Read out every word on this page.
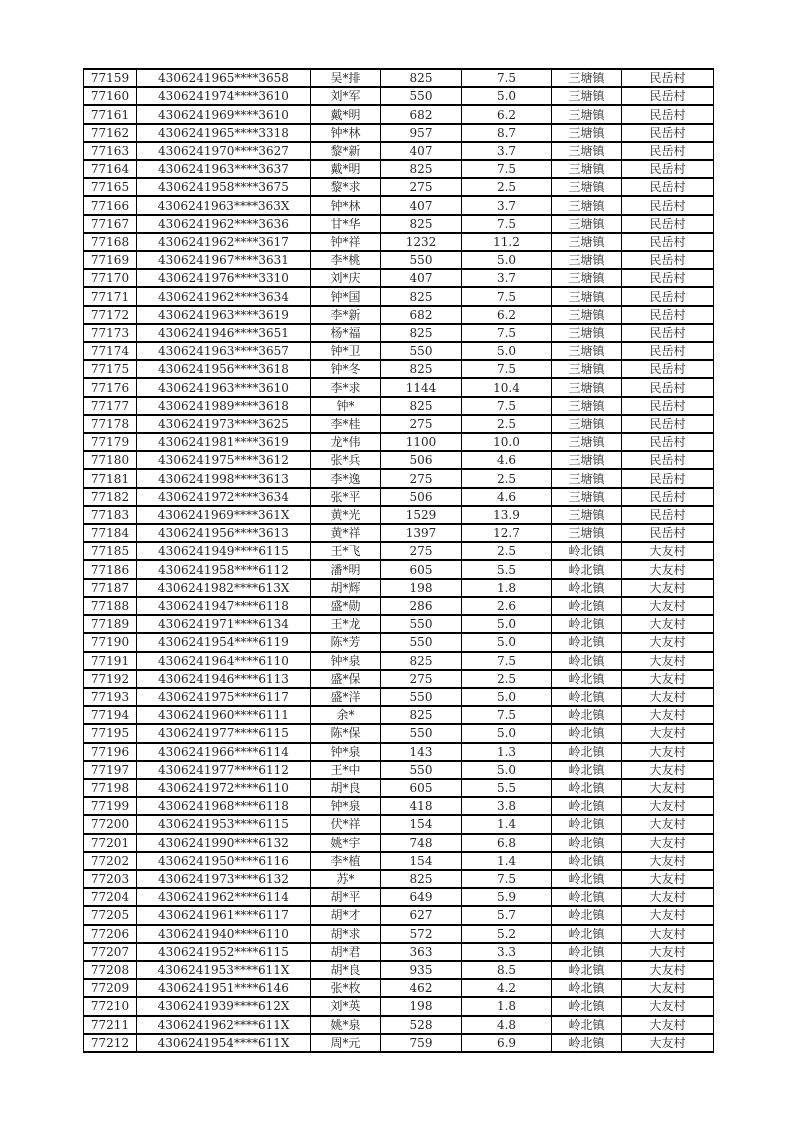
77159	4306241965****3658	吴*排	825	7.5	三塘镇	民岳村
77160	4306241974****3610	刘*军	550	5.0	三塘镇	民岳村
77161	4306241969****3610	戴*明	682	6.2	三塘镇	民岳村
77162	4306241965****3318	钟*林	957	8.7	三塘镇	民岳村
77163	4306241970****3627	黎*新	407	3.7	三塘镇	民岳村
77164	4306241963****3637	戴*明	825	7.5	三塘镇	民岳村
77165	4306241958****3675	黎*求	275	2.5	三塘镇	民岳村
77166	4306241963****363X	钟*林	407	3.7	三塘镇	民岳村
77167	4306241962****3636	甘*华	825	7.5	三塘镇	民岳村
77168	4306241962****3617	钟*祥	1232	11.2	三塘镇	民岳村
77169	4306241967****3631	李*桃	550	5.0	三塘镇	民岳村
77170	4306241976****3310	刘*庆	407	3.7	三塘镇	民岳村
77171	4306241962****3634	钟*国	825	7.5	三塘镇	民岳村
77172	4306241963****3619	李*新	682	6.2	三塘镇	民岳村
77173	4306241946****3651	杨*福	825	7.5	三塘镇	民岳村
77174	4306241963****3657	钟*卫	550	5.0	三塘镇	民岳村
77175	4306241956****3618	钟*冬	825	7.5	三塘镇	民岳村
77176	4306241963****3610	李*求	1144	10.4	三塘镇	民岳村
77177	4306241989****3618	钟*	825	7.5	三塘镇	民岳村
77178	4306241973****3625	李*桂	275	2.5	三塘镇	民岳村
77179	4306241981****3619	龙*伟	1100	10.0	三塘镇	民岳村
77180	4306241975****3612	张*兵	506	4.6	三塘镇	民岳村
77181	4306241998****3613	李*逸	275	2.5	三塘镇	民岳村
77182	4306241972****3634	张*平	506	4.6	三塘镇	民岳村
77183	4306241969****361X	黄*光	1529	13.9	三塘镇	民岳村
77184	4306241956****3613	黄*祥	1397	12.7	三塘镇	民岳村
77185	4306241949****6115	王*飞	275	2.5	岭北镇	大友村
77186	4306241958****6112	潘*明	605	5.5	岭北镇	大友村
77187	4306241982****613X	胡*辉	198	1.8	岭北镇	大友村
77188	4306241947****6118	盛*勋	286	2.6	岭北镇	大友村
77189	4306241971****6134	王*龙	550	5.0	岭北镇	大友村
77190	4306241954****6119	陈*芳	550	5.0	岭北镇	大友村
77191	4306241964****6110	钟*泉	825	7.5	岭北镇	大友村
77192	4306241946****6113	盛*保	275	2.5	岭北镇	大友村
77193	4306241975****6117	盛*洋	550	5.0	岭北镇	大友村
77194	4306241960****6111	余*	825	7.5	岭北镇	大友村
77195	4306241977****6115	陈*保	550	5.0	岭北镇	大友村
77196	4306241966****6114	钟*泉	143	1.3	岭北镇	大友村
77197	4306241977****6112	王*中	550	5.0	岭北镇	大友村
77198	4306241972****6110	胡*良	605	5.5	岭北镇	大友村
77199	4306241968****6118	钟*泉	418	3.8	岭北镇	大友村
77200	4306241953****6115	伏*祥	154	1.4	岭北镇	大友村
77201	4306241990****6132	姚*宇	748	6.8	岭北镇	大友村
77202	4306241950****6116	李*植	154	1.4	岭北镇	大友村
77203	4306241973****6132	苏*	825	7.5	岭北镇	大友村
77204	4306241962****6114	胡*平	649	5.9	岭北镇	大友村
77205	4306241961****6117	胡*才	627	5.7	岭北镇	大友村
77206	4306241940****6110	胡*求	572	5.2	岭北镇	大友村
77207	4306241952****6115	胡*君	363	3.3	岭北镇	大友村
77208	4306241953****611X	胡*良	935	8.5	岭北镇	大友村
77209	4306241951****6146	张*枚	462	4.2	岭北镇	大友村
77210	4306241939****612X	刘*英	198	1.8	岭北镇	大友村
77211	4306241962****611X	姚*泉	528	4.8	岭北镇	大友村
77212	4306241954****611X	周*元	759	6.9	岭北镇	大友村
